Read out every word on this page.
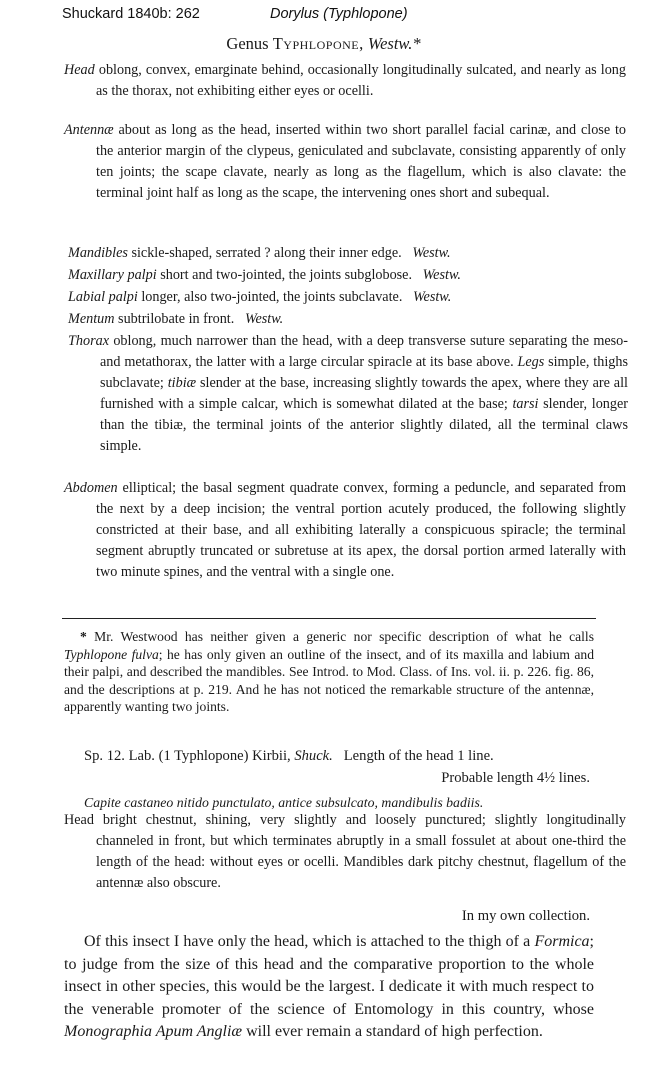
Shuckard 1840b: 262	Dorylus (Typhlopone)
Genus Typhlopone, Westw.*

Head oblong, convex, emarginate behind, occasionally longitudinally sulcated, and nearly as long as the thorax, not exhibiting either eyes or ocelli.

Antennæ about as long as the head, inserted within two short parallel facial carinæ, and close to the anterior margin of the clypeus, geniculated and subclavate, consisting apparently of only ten joints; the scape clavate, nearly as long as the flagellum, which is also clavate: the terminal joint half as long as the scape, the intervening ones short and subequal.

Mandibles sickle-shaped, serrated ? along their inner edge. Westw.

Maxillary palpi short and two-jointed, the joints subglobose. Westw.

Labial palpi longer, also two-jointed, the joints subclavate. Westw.

Mentum subtrilobate in front. Westw.

Thorax oblong, much narrower than the head, with a deep transverse suture separating the meso- and metathorax, the latter with a large circular spiracle at its base above. Legs simple, thighs subclavate; tibiæ slender at the base, increasing slightly towards the apex, where they are all furnished with a simple calcar, which is somewhat dilated at the base; tarsi slender, longer than the tibiæ, the terminal joints of the anterior slightly dilated, all the terminal claws simple.

Abdomen elliptical; the basal segment quadrate convex, forming a peduncle, and separated from the next by a deep incision; the ventral portion acutely produced, the following slightly constricted at their base, and all exhibiting laterally a conspicuous spiracle; the terminal segment abruptly truncated or subretuse at its apex, the dorsal portion armed laterally with two minute spines, and the ventral with a single one.

* Mr. Westwood has neither given a generic nor specific description of what he calls Typhlopone fulva; he has only given an outline of the insect, and of its maxilla and labium and their palpi, and described the mandibles. See Introd. to Mod. Class. of Ins. vol. ii. p. 226. fig. 86, and the descriptions at p. 219. And he has not noticed the remarkable structure of the antennæ, apparently wanting two joints.

Sp. 12. Lab. (1 Typhlopone) Kirbii, Shuck.   Length of the head 1 line.
Probable length 4½ lines.
Capite castaneo nitido punctulato, antice subsulcato, mandibulis badiis.

Head bright chestnut, shining, very slightly and loosely punctured; slightly longitudinally channeled in front, but which terminates abruptly in a small fossulet at about one-third the length of the head: without eyes or ocelli. Mandibles dark pitchy chestnut, flagellum of the antennæ also obscure.

In my own collection.

Of this insect I have only the head, which is attached to the thigh of a Formica; to judge from the size of this head and the comparative proportion to the whole insect in other species, this would be the largest. I dedicate it with much respect to the venerable promoter of the science of Entomology in this country, whose Monographia Apum Angliæ will ever remain a standard of high perfection.
